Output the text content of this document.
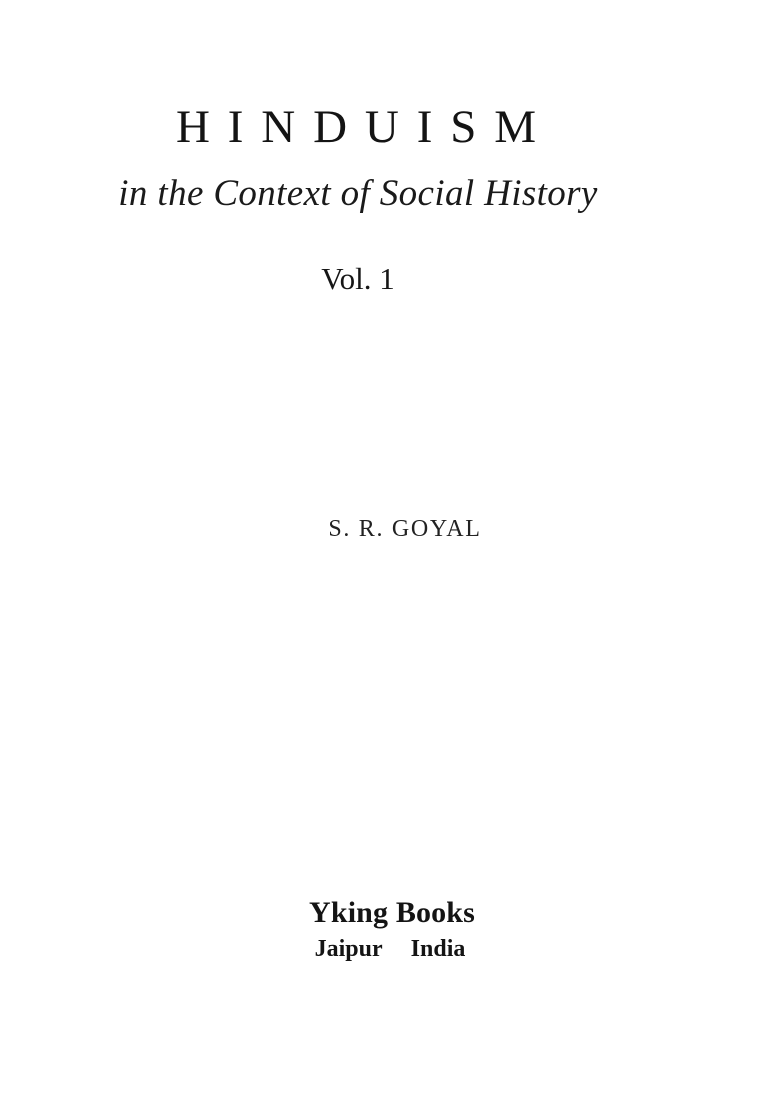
HINDUISM
in the Context of Social History
Vol. 1
S. R. GOYAL
Yking Books
Jaipur India
